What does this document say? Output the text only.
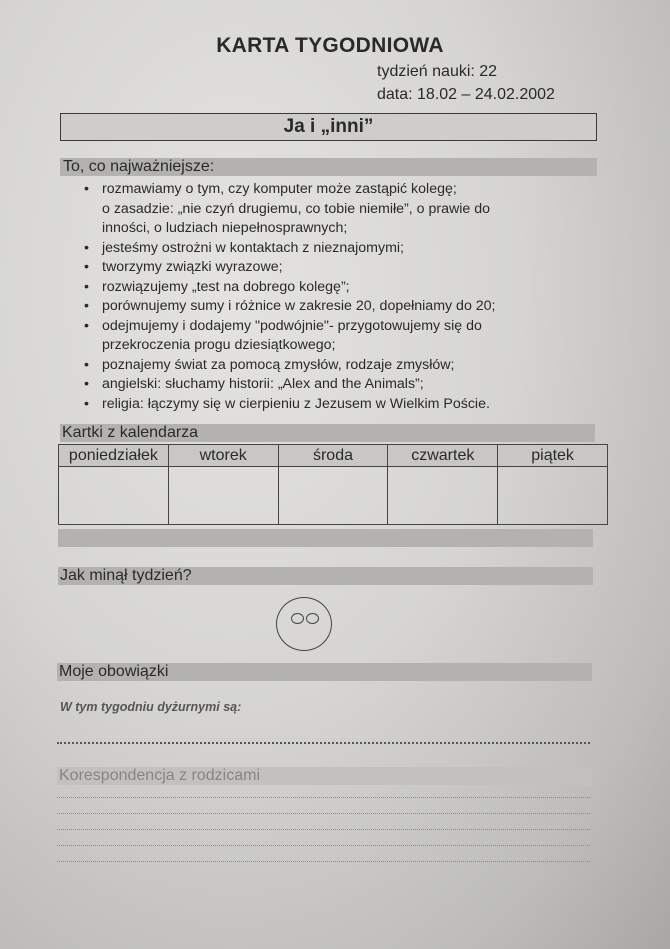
KARTA TYGODNIOWA
tydzień nauki: 22
data: 18.02 – 24.02.2002
Ja i „inni”
To, co najważniejsze:
• rozmawiamy o tym, czy komputer może zastąpić kolegę;
o zasadzie: „nie czyń drugiemu, co tobie niemiłe”, o prawie do
inności, o ludziach niepełnosprawnych;
• jesteśmy ostrożni w kontaktach z nieznajomymi;
• tworzymy związki wyrazowe;
• rozwiązujemy „test na dobrego kolegę”;
• porównujemy sumy i różnice w zakresie 20, dopełniamy do 20;
• odejmujemy i dodajemy "podwójnie"- przygotowujemy się do
przekroczenia progu dziesiątkowego;
• poznajemy świat za pomocą zmysłów, rodzaje zmysłów;
• angielski: słuchamy historii: „Alex and the Animals”;
• religia: łączymy się w cierpieniu z Jezusem w Wielkim Poście.
Kartki z kalendarza
poniedziałek	wtorek	środa	czwartek	piątek

Jak minął tydzień?
Moje obowiązki
W tym tygodniu dyżurnymi są:
Korespondencja z rodzicami
